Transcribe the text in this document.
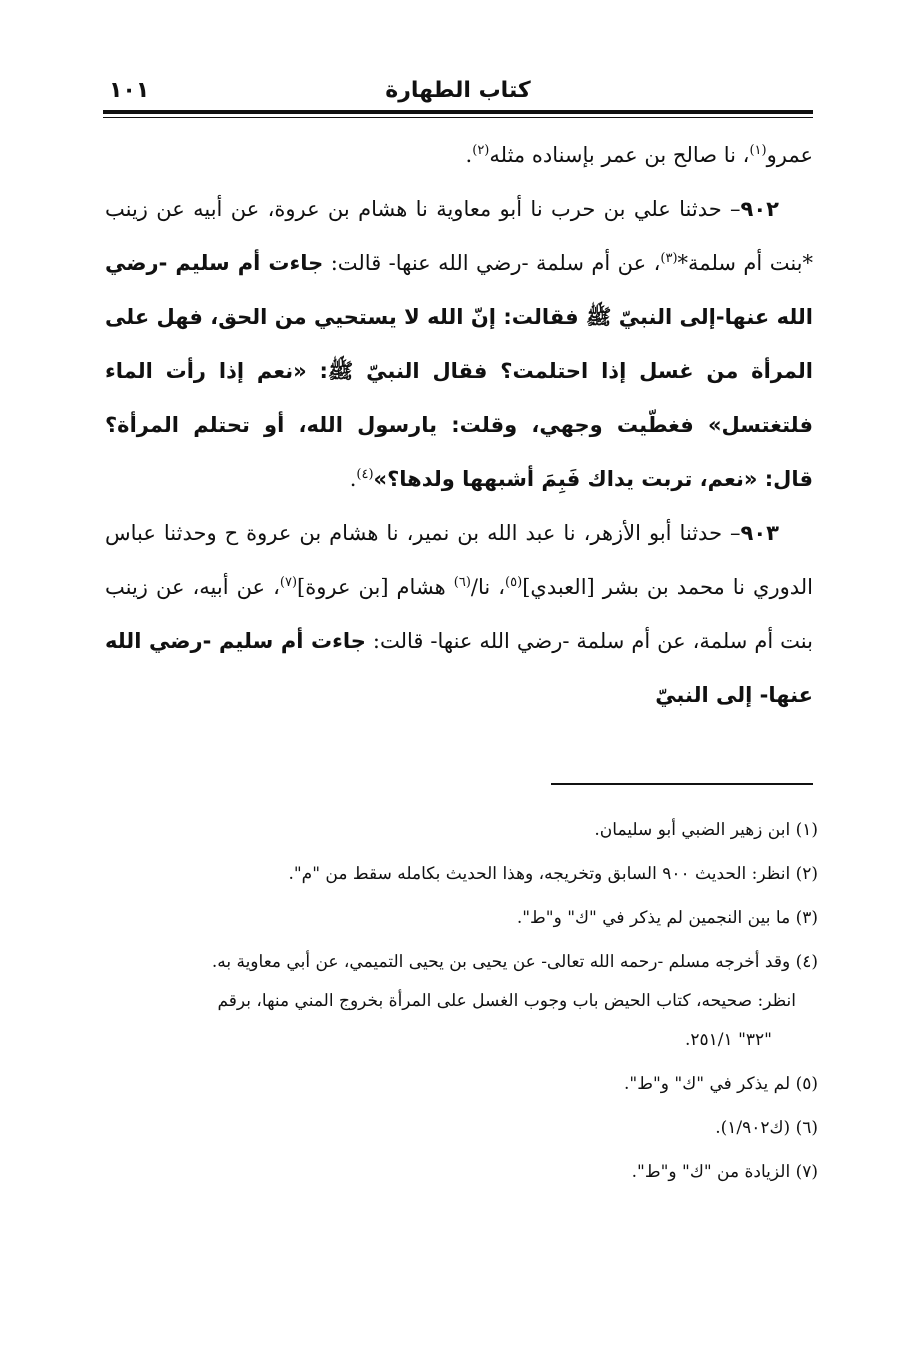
١٠١	كتاب الطهارة

عمرو$^{(١)}$، نا صالح بن عمر بإسناده مثله$^{(٢)}$.

٩٠٢– حدثنا علي بن حرب نا أبو معاوية نا هشام بن عروة، عن أبيه عن زينب *بنت أم سلمة*$^{(٣)}$، عن أم سلمة -رضي الله عنها- قالت: جاءت أم سليم -رضي الله عنها-إلى النبيّ ﷺ فقالت: إنّ الله لا يستحيي من الحق، فهل على المرأة من غسل إذا احتلمت؟ فقال النبيّ ﷺ: «نعم إذا رأت الماء فلتغتسل» فغطّيت وجهي، وقلت: يارسول الله، أو تحتلم المرأة؟ قال: «نعم، تربت يداك فَبِمَ أشبهها ولدها؟»$^{(٤)}$.

٩٠٣– حدثنا أبو الأزهر، نا عبد الله بن نمير، نا هشام بن عروة ح وحدثنا عباس الدوري نا محمد بن بشر [العبدي]$^{(٥)}$، نا/$^{(٦)}$ هشام [بن عروة]$^{(٧)}$، عن أبيه، عن زينب بنت أم سلمة، عن أم سلمة -رضي الله عنها- قالت: جاءت أم سليم -رضي الله عنها- إلى النبيّ

(١) ابن زهير الضبي أبو سليمان.

(٢) انظر: الحديث ٩٠٠ السابق وتخريجه، وهذا الحديث بكامله سقط من "م".

(٣) ما بين النجمين لم يذكر في "ك" و"ط".

(٤) وقد أخرجه مسلم -رحمه الله تعالى- عن يحيى بن يحيى التميمي، عن أبي معاوية به.

انظر: صحيحه، كتاب الحيض باب وجوب الغسل على المرأة بخروج المني منها، برقم

"٣٢" ٢٥١/١.

(٥) لم يذكر في "ك" و"ط".

(٦) (ك١/٩٠٢).

(٧) الزيادة من "ك" و"ط".
